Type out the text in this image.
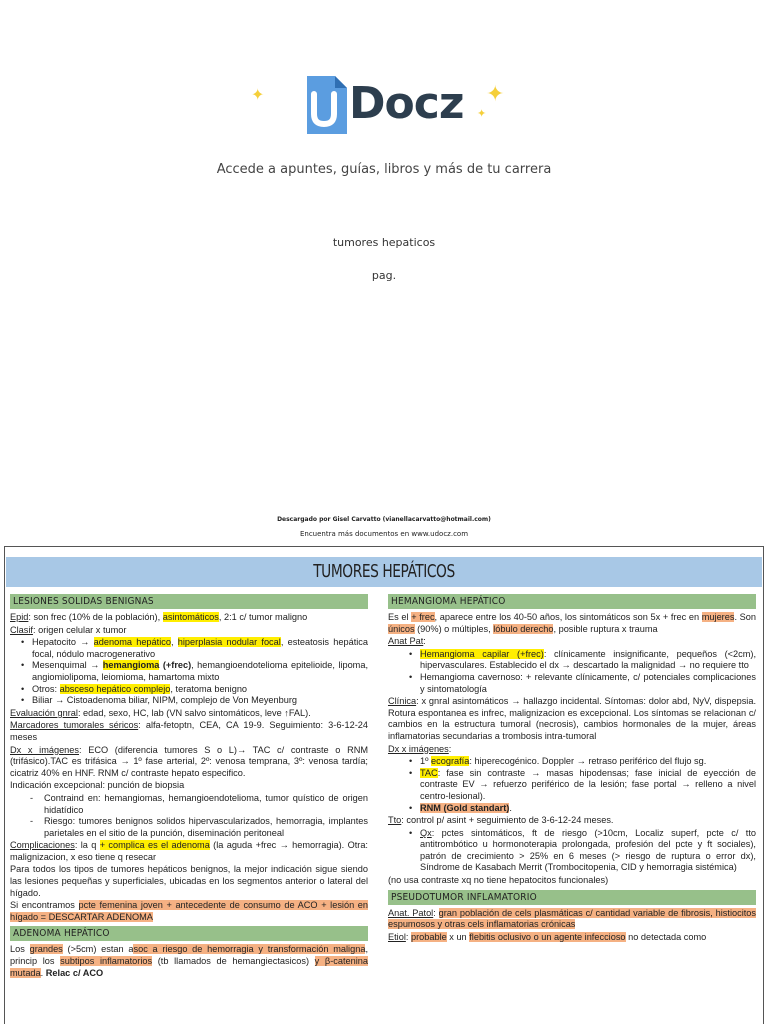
✦ Docz ✦
✦
Accede a apuntes, guías, libros y más de tu carrera
tumores hepaticos
pag.
Descargado por Gisel Carvatto (vianellacarvatto@hotmail.com)
Encuentra más documentos en www.udocz.com
TUMORES HEPÁTICOS
LESIONES SOLIDAS BENIGNAS

Epid: son frec (10% de la población), asintomáticos, 2:1 c/ tumor maligno

Clasif: origen celular x tumor

• Hepatocito → adenoma hepático, hiperplasia nodular focal, esteatosis hepática focal, nódulo macrogenerativo
• Mesenquimal → hemangioma (+frec), hemangioendotelioma epitelioide, lipoma, angiomiolipoma, leiomioma, hamartoma mixto
• Otros: absceso hepático complejo, teratoma benigno
• Biliar → Cistoadenoma biliar, NIPM, complejo de Von Meyenburg

Evaluación gnral: edad, sexo, HC, lab (VN salvo sintomáticos, leve ↑FAL).

Marcadores tumorales séricos: alfa-fetoptn, CEA, CA 19-9. Seguimiento: 3-6-12-24 meses

Dx x imágenes: ECO (diferencia tumores S o L)→ TAC c/ contraste o RNM (trifásico).TAC es trifásica → 1º fase arterial, 2º: venosa temprana, 3º: venosa tardía; cicatriz 40% en HNF. RNM c/ contraste hepato especifico.

Indicación excepcional: punción de biopsia

- Contraind en: hemangiomas, hemangioendotelioma, tumor quístico de origen hidatídico
- Riesgo: tumores benignos solidos hipervascularizados, hemorragia, implantes parietales en el sitio de la punción, diseminación peritoneal

Complicaciones: la q + complica es el adenoma (la aguda +frec → hemorragia). Otra: malignizacion, x eso tiene q resecar

Para todos los tipos de tumores hepáticos benignos, la mejor indicación sigue siendo las lesiones pequeñas y superficiales, ubicadas en los segmentos anterior o lateral del hígado.

Si encontramos pcte femenina joven + antecedente de consumo de ACO + lesión en hígado = DESCARTAR ADENOMA

ADENOMA HEPÁTICO

Los grandes (>5cm) estan asoc a riesgo de hemorragia y transformación maligna, princip los subtipos inflamatorios (tb llamados de hemangiectasicos) y β-catenina mutada. Relac c/ ACO

HEMANGIOMA HEPÁTICO

Es el + frec, aparece entre los 40-50 años, los sintomáticos son 5x + frec en mujeres. Son únicos (90%) o múltiples, lóbulo derecho, posible ruptura x trauma

Anat Pat:

• Hemangioma capilar (+frec): clínicamente insignificante, pequeños (<2cm), hipervasculares. Establecido el dx → descartado la malignidad → no requiere tto
• Hemangioma cavernoso: + relevante clínicamente, c/ potenciales complicaciones y sintomatología

Clínica: x gnral asintomáticos → hallazgo incidental. Síntomas: dolor abd, NyV, dispepsia. Rotura espontanea es infrec, malignizacion es excepcional. Los síntomas se relacionan c/ cambios en la estructura tumoral (necrosis), cambios hormonales de la mujer, áreas inflamatorias secundarias a trombosis intra-tumoral

Dx x imágenes:

• 1º ecografía: hiperecogénico. Doppler → retraso periférico del flujo sg.
• TAC: fase sin contraste → masas hipodensas; fase inicial de eyección de contraste EV → refuerzo periférico de la lesión; fase portal → relleno a nivel centro-lesional).
• RNM (Gold standart).

Tto: control p/ asint + seguimiento de 3-6-12-24 meses.

• Qx: pctes sintomáticos, ft de riesgo (>10cm, Localiz superf, pcte c/ tto antitrombótico u hormonoterapia prolongada, profesión del pcte y ft sociales), patrón de crecimiento > 25% en 6 meses (> riesgo de ruptura o error dx), Síndrome de Kasabach Merrit (Trombocitopenia, CID y hemorragia sistémica)

(no usa contraste xq no tiene hepatocitos funcionales)

PSEUDOTUMOR INFLAMATORIO

Anat. Patol: gran población de cels plasmáticas c/ cantidad variable de fibrosis, histiocitos espumosos y otras cels inflamatorias crónicas

Etiol: probable x un flebitis oclusivo o un agente infeccioso no detectada como
